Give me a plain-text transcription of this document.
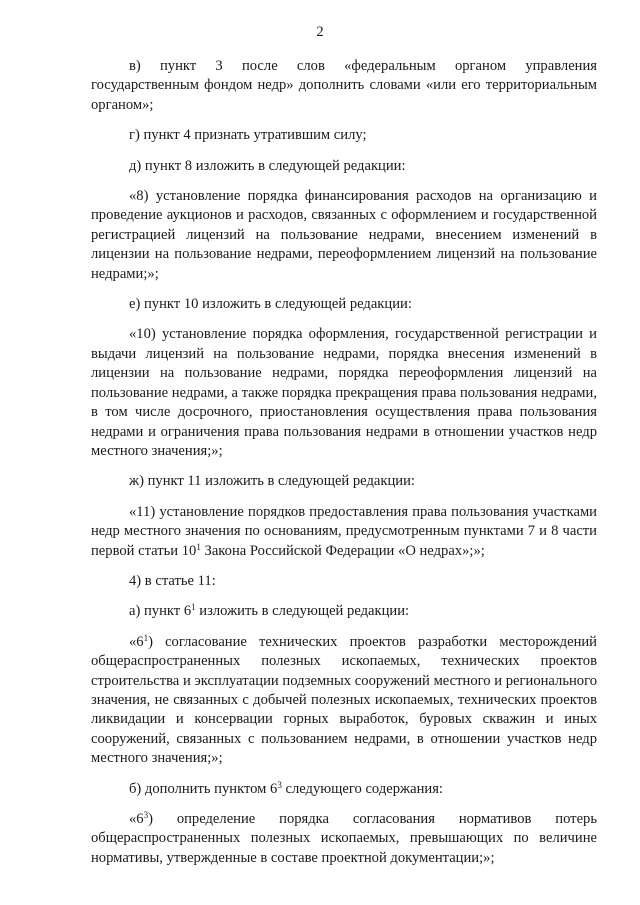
2

в) пункт 3 после слов «федеральным органом управления государственным фондом недр» дополнить словами «или его территориальным органом»;

г) пункт 4 признать утратившим силу;

д) пункт 8 изложить в следующей редакции:

«8) установление порядка финансирования расходов на организацию и проведение аукционов и расходов, связанных с оформлением и государственной регистрацией лицензий на пользование недрами, внесением изменений в лицензии на пользование недрами, переоформлением лицензий на пользование недрами;»;

е) пункт 10 изложить в следующей редакции:

«10) установление порядка оформления, государственной регистрации и выдачи лицензий на пользование недрами, порядка внесения изменений в лицензии на пользование недрами, порядка переоформления лицензий на пользование недрами, а также порядка прекращения права пользования недрами, в том числе досрочного, приостановления осуществления права пользования недрами и ограничения права пользования недрами в отношении участков недр местного значения;»;

ж) пункт 11 изложить в следующей редакции:

«11) установление порядков предоставления права пользования участками недр местного значения по основаниям, предусмотренным пунктами 7 и 8 части первой статьи $10^1$ Закона Российской Федерации «О недрах»;»;

4) в статье 11:

а) пункт $6^1$ изложить в следующей редакции:

«$6^1$) согласование технических проектов разработки месторождений общераспространенных полезных ископаемых, технических проектов строительства и эксплуатации подземных сооружений местного и регионального значения, не связанных с добычей полезных ископаемых, технических проектов ликвидации и консервации горных выработок, буровых скважин и иных сооружений, связанных с пользованием недрами, в отношении участков недр местного значения;»;

б) дополнить пунктом $6^3$ следующего содержания:

«$6^3$) определение порядка согласования нормативов потерь общераспространенных полезных ископаемых, превышающих по величине нормативы, утвержденные в составе проектной документации;»;
